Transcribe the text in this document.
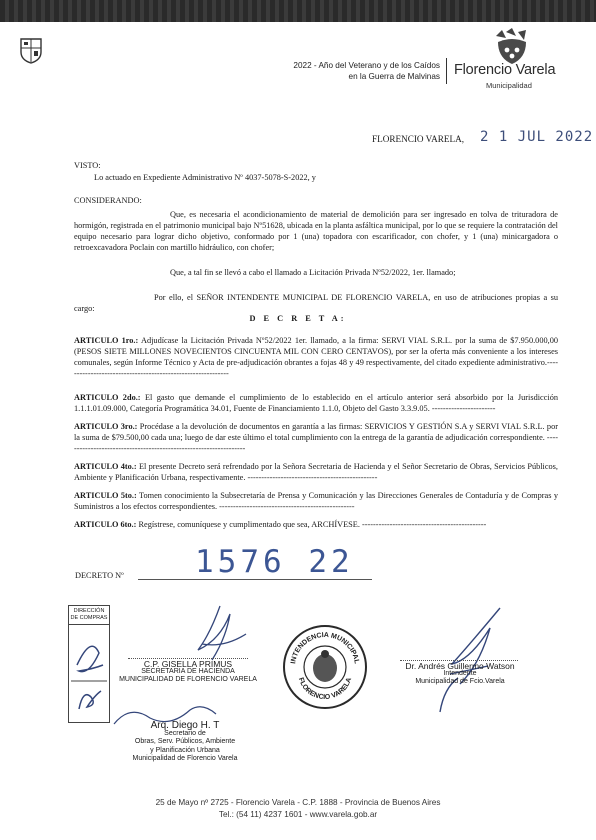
2022 - Año del Veterano y de los Caídos
en la Guerra de Malvinas Florencio Varela
Municipalidad
FLORENCIO VARELA, 2 1 JUL 2022
VISTO:
Lo actuado en Expediente Administrativo Nº 4037-5078-S-2022, y
CONSIDERANDO:
Que, es necesaria el acondicionamiento de material de demolición para ser ingresado en tolva de trituradora de hormigón, registrada en el patrimonio municipal bajo Nº51628, ubicada en la planta asfáltica municipal, por lo que se requiere la contratación del equipo necesario para lograr dicho objetivo, conformado por 1 (una) topadora con escarificador, con chofer, y 1 (una) minicargadora o retroexcavadora Poclain con martillo hidráulico, con chofer;
Que, a tal fin se llevó a cabo el llamado a Licitación Privada Nº52/2022, 1er. llamado;
Por ello, el SEÑOR INTENDENTE MUNICIPAL DE FLORENCIO VARELA, en uso de atribuciones propias a su cargo:
D E C R E T A:
ARTICULO 1ro.: Adjudícase la Licitación Privada Nº52/2022 1er. llamado, a la firma: SERVI VIAL S.R.L. por la suma de $7.950.000,00 (PESOS SIETE MILLONES NOVECIENTOS CINCUENTA MIL CON CERO CENTAVOS), por ser la oferta más conveniente a los intereses comunales, según Informe Técnico y Acta de pre-adjudicación obrantes a fojas 48 y 49 respectivamente, del citado expediente administrativo.------------------------------------------------------------
ARTICULO 2do.: El gasto que demande el cumplimiento de lo establecido en el artículo anterior será absorbido por la Jurisdicción 1.1.1.01.09.000, Categoría Programática 34.01, Fuente de Financiamiento 1.1.0, Objeto del Gasto 3.3.9.05. -----------------------
ARTICULO 3ro.: Procédase a la devolución de documentos en garantía a las firmas: SERVICIOS Y GESTIÓN S.A y SERVI VIAL S.R.L. por la suma de $79.500,00 cada una; luego de dar este último el total cumplimiento con la entrega de la garantía de adjudicación correspondiente. ------------------------------------------------------------------
ARTICULO 4to.: El presente Decreto será refrendado por la Señora Secretaria de Hacienda y el Señor Secretario de Obras, Servicios Públicos, Ambiente y Planificación Urbana, respectivamente. -----------------------------------------------
ARTICULO 5to.: Tomen conocimiento la Subsecretaría de Prensa y Comunicación y las Direcciones Generales de Contaduría y de Compras y Suministros a los efectos correspondientes. -------------------------------------------------
ARTICULO 6to.: Regístrese, comuníquese y cumplimentado que sea, ARCHÍVESE. ---------------------------------------------
DECRETO Nº 1576 22
DIRECCIÓN DE COMPRAS
C.P. GISELLA PRIMUS
SECRETARIA DE HACIENDA
MUNICIPALIDAD DE FLORENCIO VARELA
INTENDENCIA MUNICIPAL
FLORENCIO VARELA
Dr. Andrés Guillermo Watson
Intendente
Municipalidad de Fcio.Varela
Arq. Diego H. T
Secretario de
Obras, Serv. Públicos, Ambiente
y Planificación Urbana
Municipalidad de Florencio Varela
25 de Mayo nº 2725 - Florencio Varela - C.P. 1888 - Provincia de Buenos Aires
Tel.: (54 11) 4237 1601 - www.varela.gob.ar
